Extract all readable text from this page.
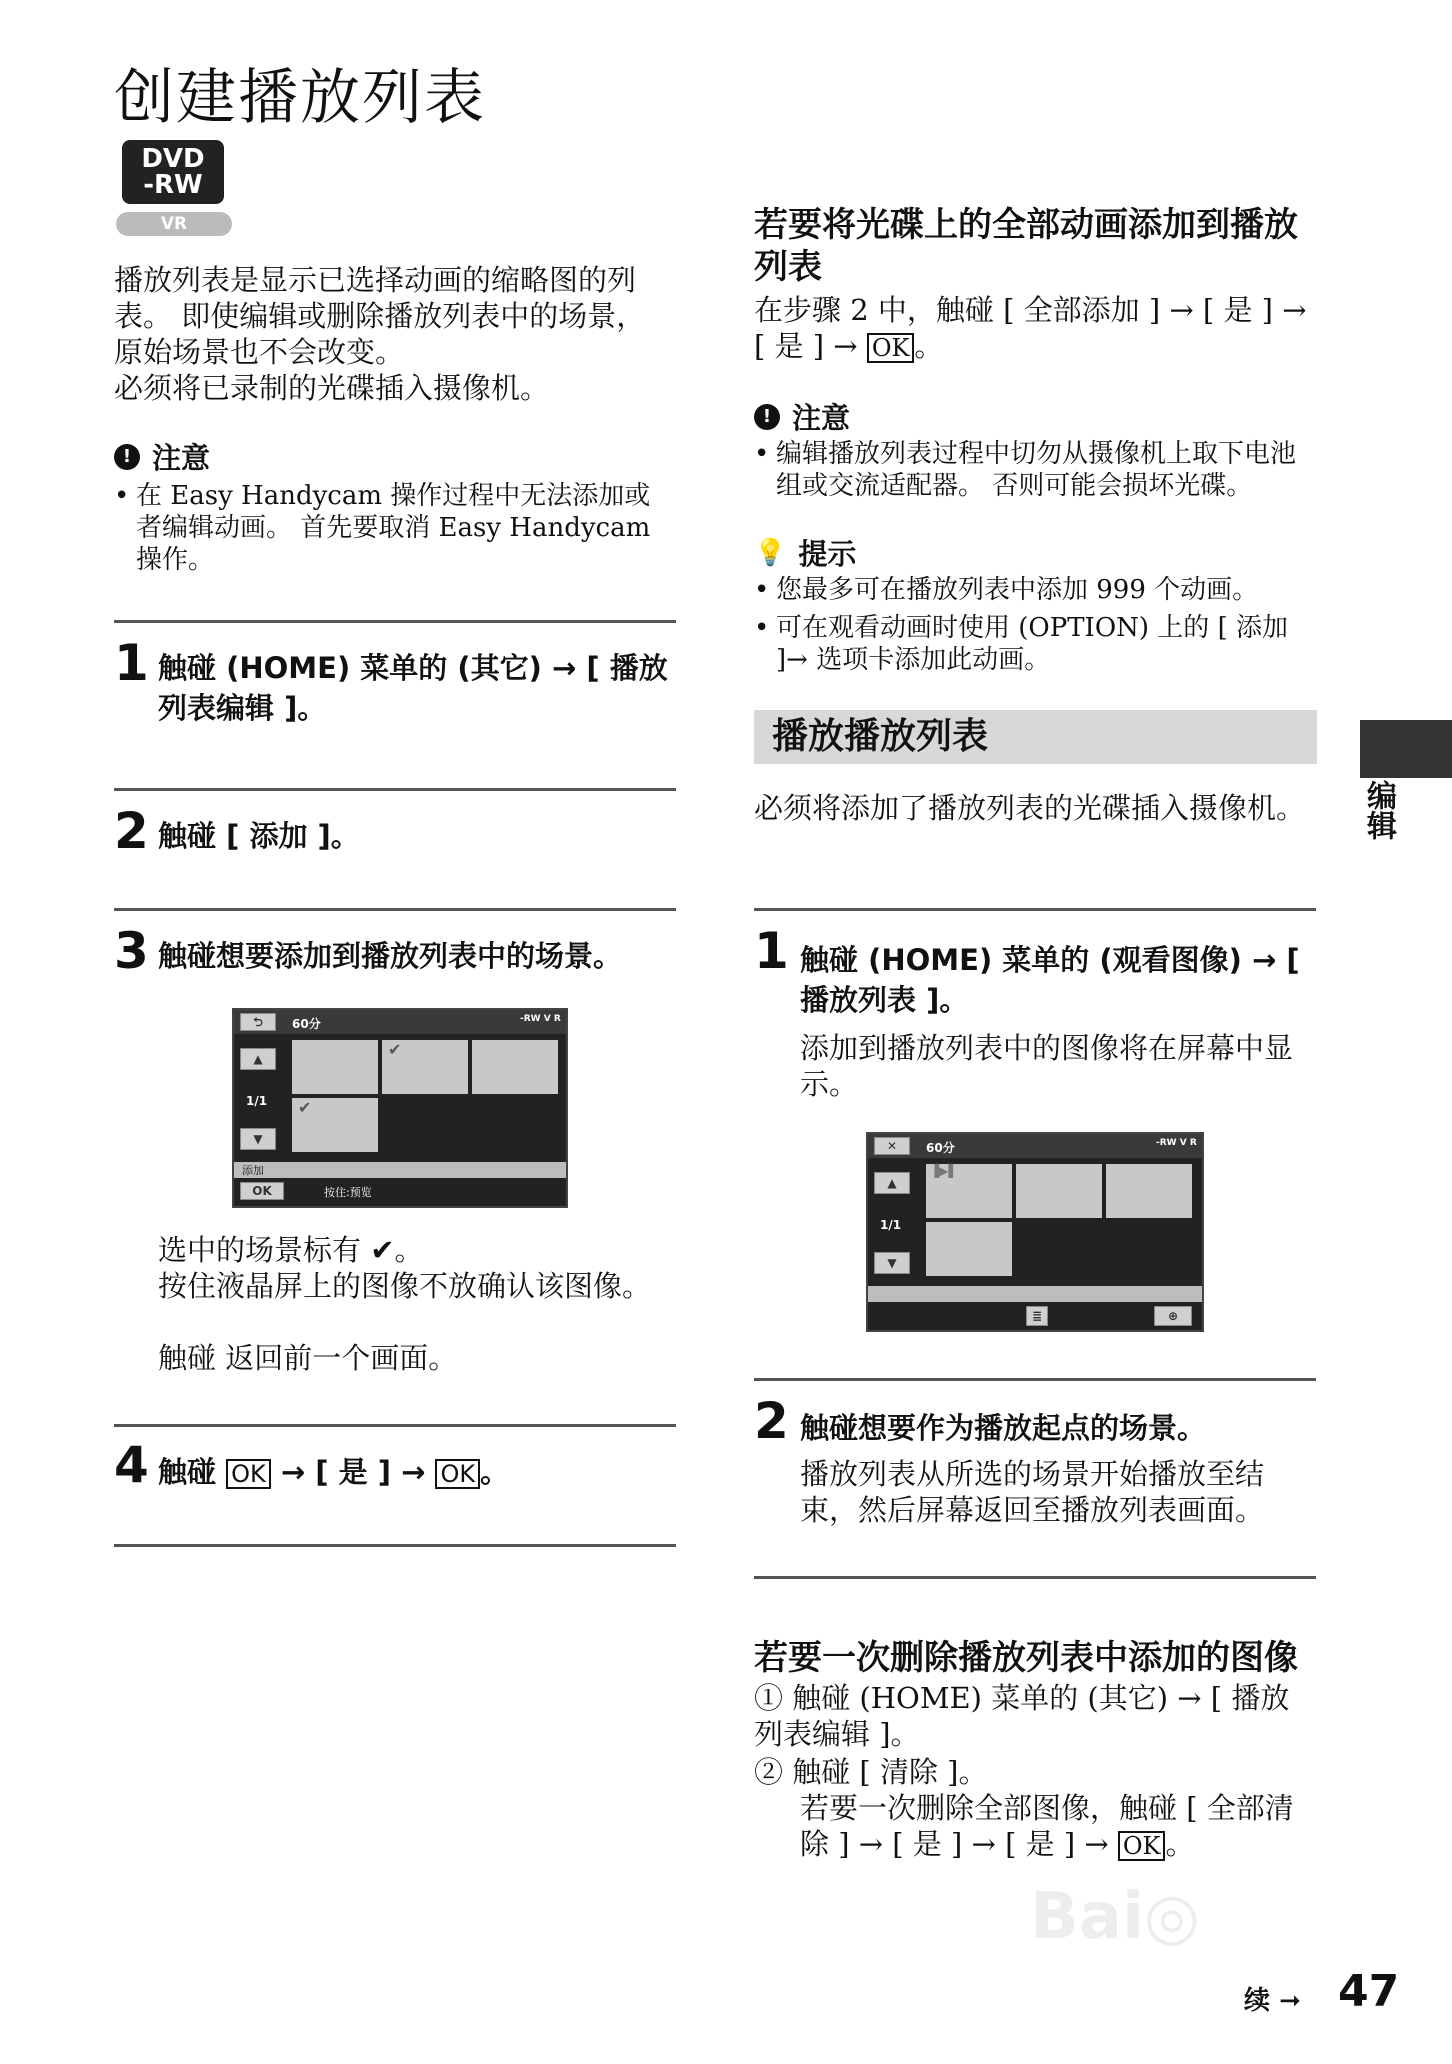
创建播放列表
DVD
-RW
VR
播放列表是显示已选择动画的缩略图的列表。 即使编辑或删除播放列表中的场景，原始场景也不会改变。
必须将已录制的光碟插入摄像机。
! 注意
• 在 Easy Handycam 操作过程中无法添加或者编辑动画。 首先要取消 Easy Handycam 操作。
1 触碰 (HOME) 菜单的 (其它) → [ 播放列表编辑 ]。
2 触碰 [ 添加 ]。
3 触碰想要添加到播放列表中的场景。
⮌	60分	-RW V R
▲
1/1
▼
✔
✔
添加
OK	按住:预览
选中的场景标有 ✔。
按住液晶屏上的图像不放确认该图像。
触碰 返回前一个画面。
4 触碰 OK → [ 是 ] → OK 。
若要将光碟上的全部动画添加到播放列表
在步骤 2 中，触碰 [ 全部添加 ] → [ 是 ] → [ 是 ] → OK 。
! 注意
• 编辑播放列表过程中切勿从摄像机上取下电池组或交流适配器。 否则可能会损坏光碟。
💡 提示
• 您最多可在播放列表中添加 999 个动画。
• 可在观看动画时使用 (OPTION) 上的 [ 添加 ]→ 选项卡添加此动画。
播放播放列表
编辑
必须将添加了播放列表的光碟插入摄像机。
1 触碰 (HOME) 菜单的 (观看图像) → [ 播放列表 ]。
添加到播放列表中的图像将在屏幕中显示。
✕	60分	-RW V R
▲
1/1
▼
▐▶▌
≣	⊕
2 触碰想要作为播放起点的场景。
播放列表从所选的场景开始播放至结束，然后屏幕返回至播放列表画面。
若要一次删除播放列表中添加的图像
① 触碰 (HOME) 菜单的 (其它) → [ 播放列表编辑 ]。
② 触碰 [ 清除 ]。
若要一次删除全部图像，触碰 [ 全部清除 ] → [ 是 ] → [ 是 ] → OK 。
Bai◎
续 ➞ 47
